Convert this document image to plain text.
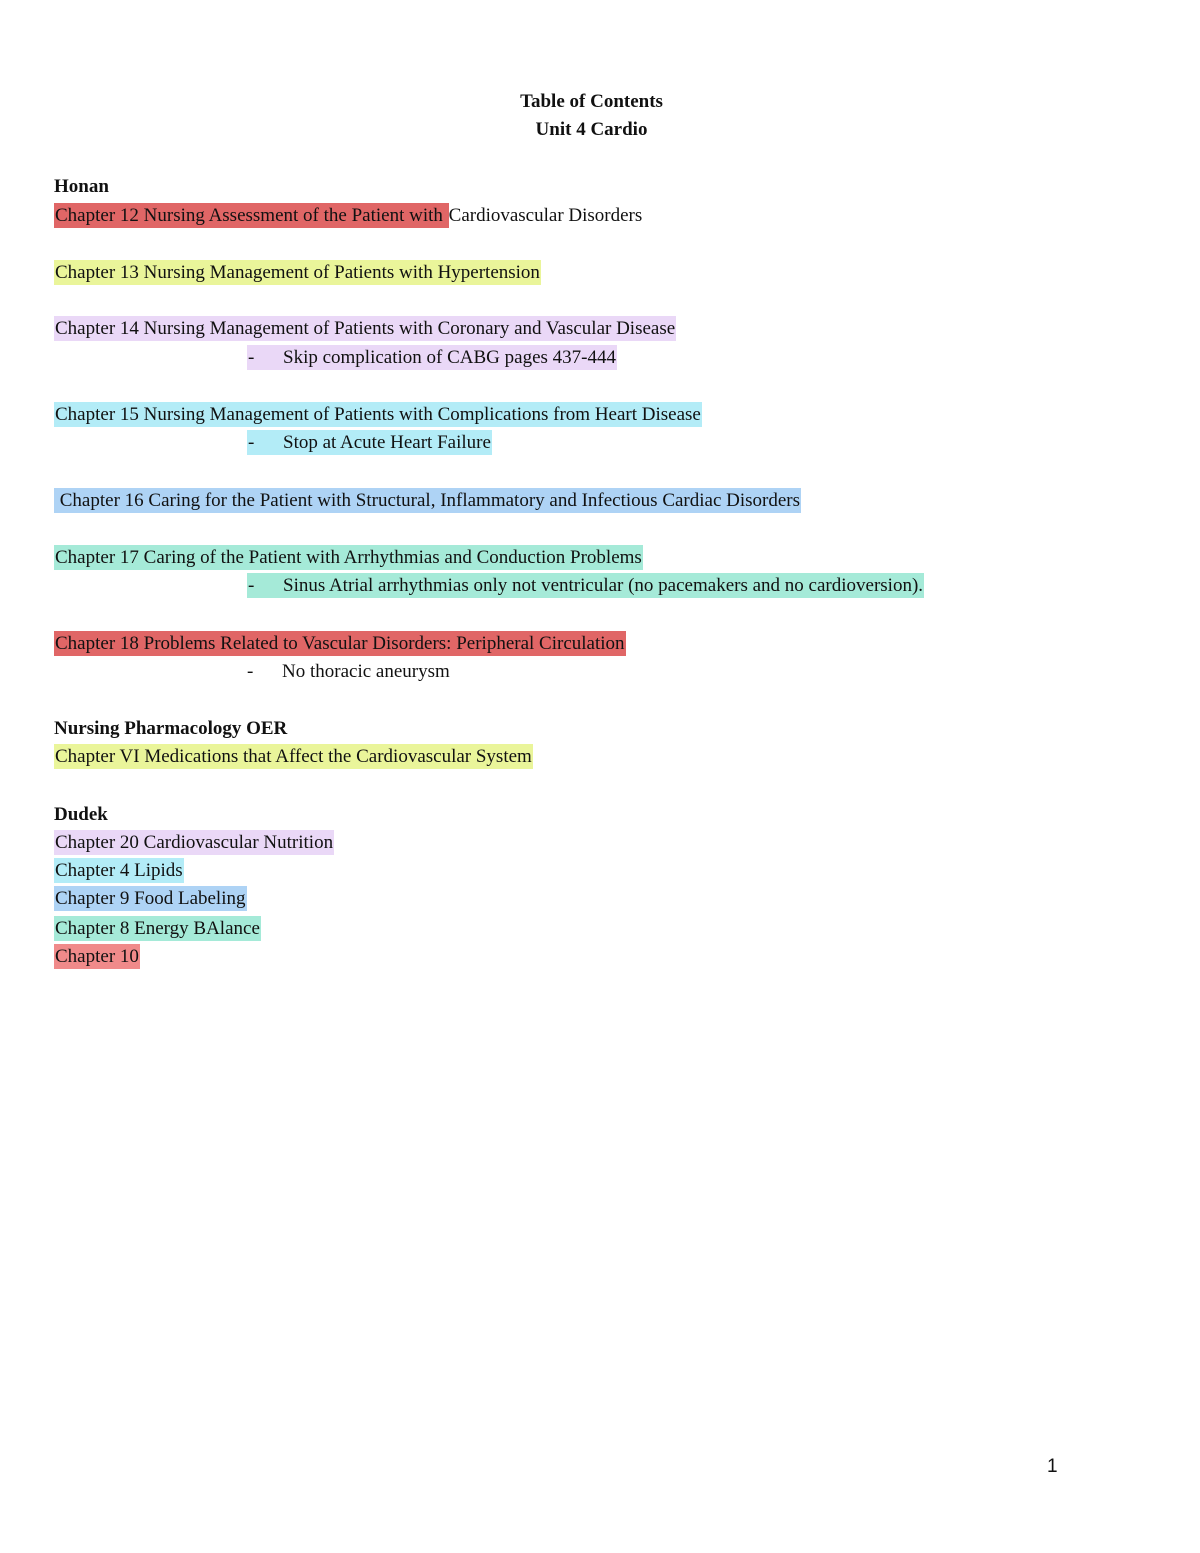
Table of Contents
Unit 4 Cardio
Honan
Chapter 12 Nursing Assessment of the Patient with Cardiovascular Disorders
Chapter 13 Nursing Management of Patients with Hypertension
Chapter 14 Nursing Management of Patients with Coronary and Vascular Disease
- Skip complication of CABG pages 437-444
Chapter 15 Nursing Management of Patients with Complications from Heart Disease
- Stop at Acute Heart Failure
Chapter 16 Caring for the Patient with Structural, Inflammatory and Infectious Cardiac Disorders
Chapter 17 Caring of the Patient with Arrhythmias and Conduction Problems
- Sinus Atrial arrhythmias only not ventricular (no pacemakers and no cardioversion).
Chapter 18 Problems Related to Vascular Disorders: Peripheral Circulation
- No thoracic aneurysm
Nursing Pharmacology OER
Chapter VI Medications that Affect the Cardiovascular System
Dudek
Chapter 20 Cardiovascular Nutrition
Chapter 4 Lipids
Chapter 9 Food Labeling
Chapter 8 Energy BAlance
Chapter 10
1
